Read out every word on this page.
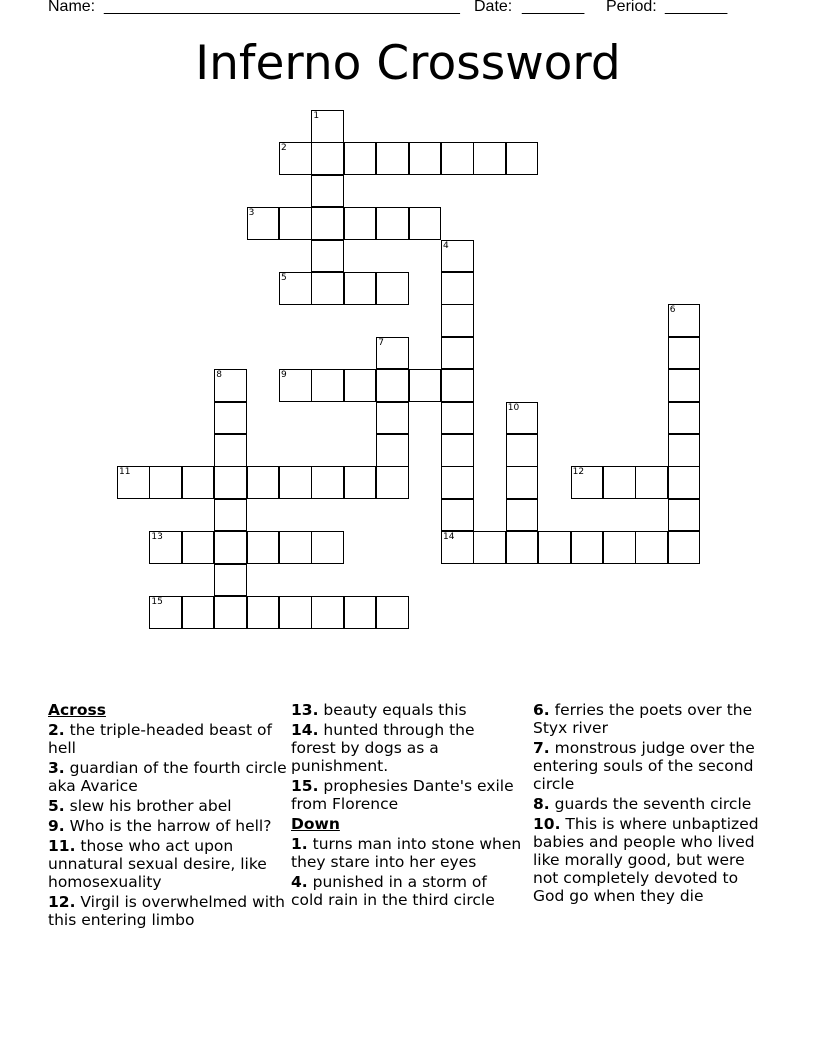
Name: ________________________________________ Date: _______ Period: _______
Inferno Crossword
1
2
3
4
5
6
7
8	9
10
11	12
13	14
15
Across
2. the triple-headed beast of hell
3. guardian of the fourth circle aka Avarice
5. slew his brother abel
9. Who is the harrow of hell?
11. those who act upon unnatural sexual desire, like homosexuality
12. Virgil is overwhelmed with this entering limbo
13. beauty equals this
14. hunted through the forest by dogs as a punishment.
15. prophesies Dante's exile from Florence
Down
1. turns man into stone when they stare into her eyes
4. punished in a storm of cold rain in the third circle
6. ferries the poets over the Styx river
7. monstrous judge over the entering souls of the second circle
8. guards the seventh circle
10. This is where unbaptized babies and people who lived like morally good, but were not completely devoted to God go when they die
